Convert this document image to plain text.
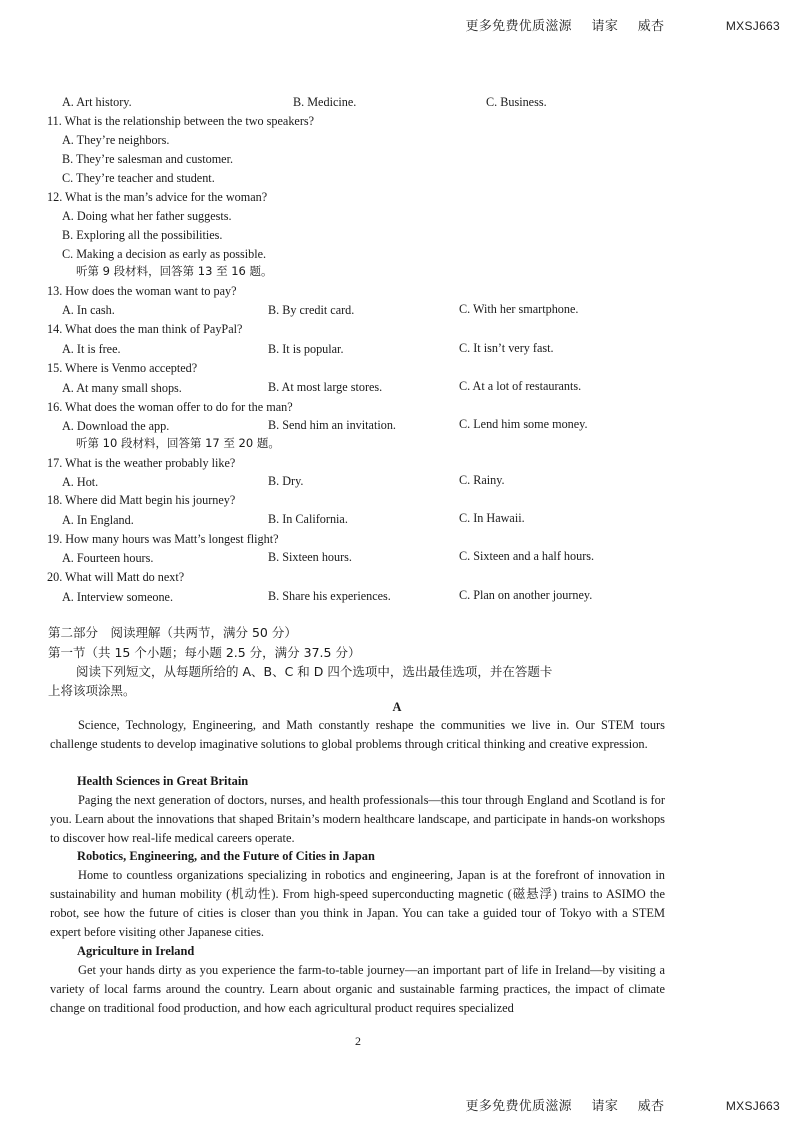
更多免费优质滋源 请家 威杏	MXSJ663
A. Art history.	B. Medicine.	C. Business.
11. What is the relationship between the two speakers?
A. They’re neighbors.
B. They’re salesman and customer.
C. They’re teacher and student.
12. What is the man’s advice for the woman?
A. Doing what her father suggests.
B. Exploring all the possibilities.
C. Making a decision as early as possible.
听第 9 段材料，回答第 13 至 16 题。
13. How does the woman want to pay?
A. In cash.	B. By credit card.	C. With her smartphone.
14. What does the man think of PayPal?
A. It is free.	B. It is popular.	C. It isn’t very fast.
15. Where is Venmo accepted?
A. At many small shops.	B. At most large stores.	C. At a lot of restaurants.
16. What does the woman offer to do for the man?
A. Download the app.	B. Send him an invitation.	C. Lend him some money.
听第 10 段材料，回答第 17 至 20 题。
17. What is the weather probably like?
A. Hot.	B. Dry.	C. Rainy.
18. Where did Matt begin his journey?
A. In England.	B. In California.	C. In Hawaii.
19. How many hours was Matt’s longest flight?
A. Fourteen hours.	B. Sixteen hours.	C. Sixteen and a half hours.
20. What will Matt do next?
A. Interview someone.	B. Share his experiences.	C. Plan on another journey.
第二部分　阅读理解（共两节，满分 50 分）
第一节（共 15 个小题；每小题 2.5 分，满分 37.5 分）
阅读下列短文，从每题所给的 A、B、C 和 D 四个选项中，选出最佳选项，并在答题卡
上将该项涂黑。
A
Science, Technology, Engineering, and Math constantly reshape the communities we live in. Our STEM tours challenge students to develop imaginative solutions to global problems through critical thinking and creative expression.
Health Sciences in Great Britain
Paging the next generation of doctors, nurses, and health professionals—this tour through England and Scotland is for you. Learn about the innovations that shaped Britain’s modern healthcare landscape, and participate in hands-on workshops to discover how real-life medical careers operate.
Robotics, Engineering, and the Future of Cities in Japan
Home to countless organizations specializing in robotics and engineering, Japan is at the forefront of innovation in sustainability and human mobility (机动性). From high-speed superconducting magnetic (磁悬浮) trains to ASIMO the robot, see how the future of cities is closer than you think in Japan. You can take a guided tour of Tokyo with a STEM expert before visiting other Japanese cities.
Agriculture in Ireland
Get your hands dirty as you experience the farm-to-table journey—an important part of life in Ireland—by visiting a variety of local farms around the country. Learn about organic and sustainable farming practices, the impact of climate change on traditional food production, and how each agricultural product requires specialized
2
更多免费优质滋源 请家 威杏	MXSJ663
